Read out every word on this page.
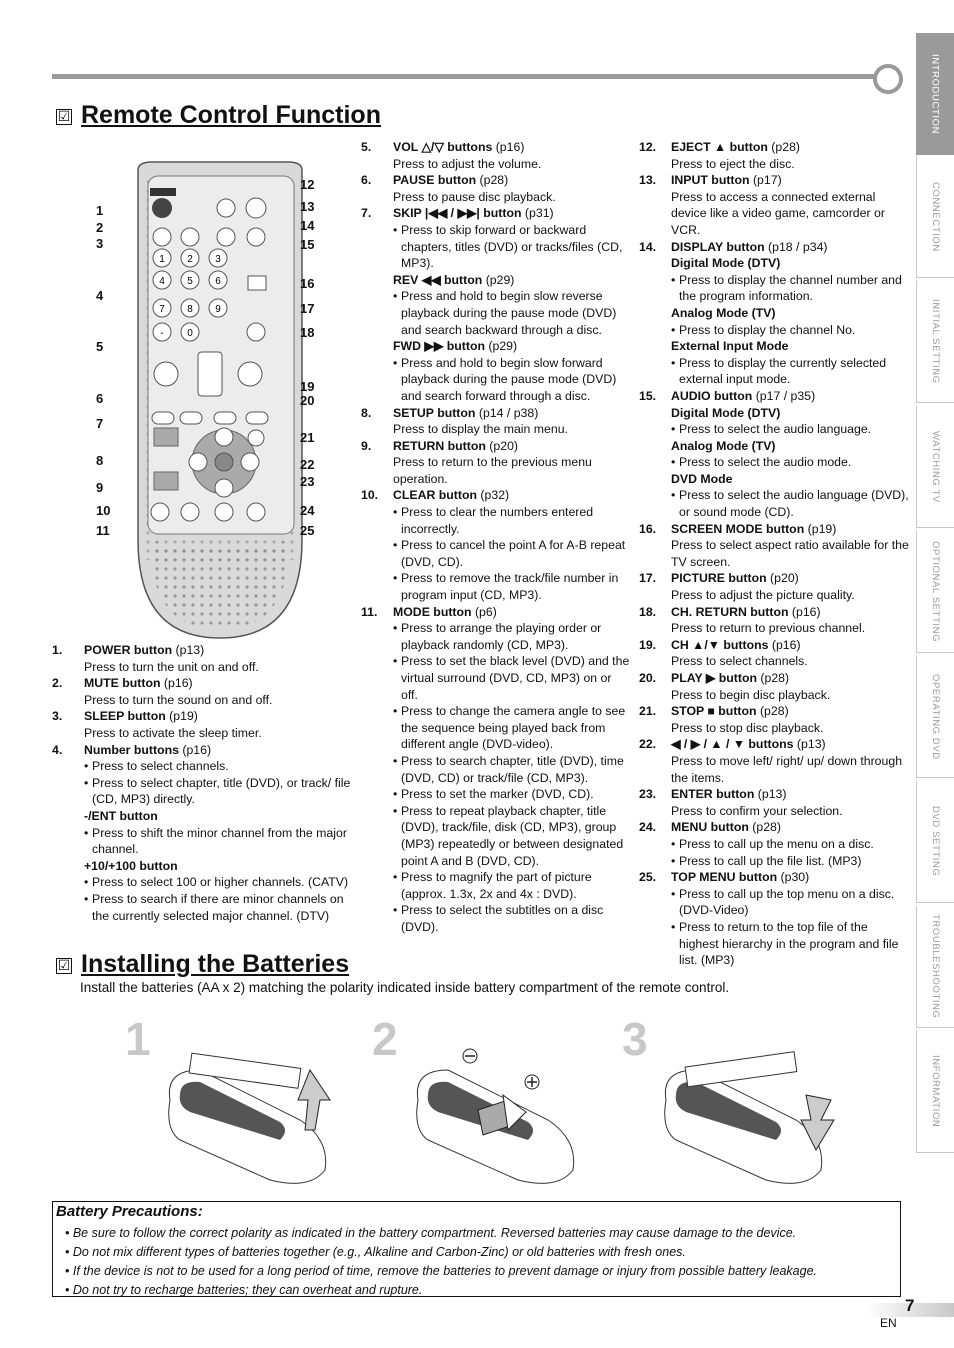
INTRODUCTION
CONNECTION
INITIAL SETTING
WATCHING TV
OPTIONAL SETTING
OPERATING DVD
DVD SETTING
TROUBLESHOOTING
INFORMATION
☑ Remote Control Function
1 2 3
4 5 6
7 8 9
- 0
1
2
3
4
5
6
7
8
9
10
11
12
13
14
15
16
17
18
19
20
21
22
23
24
25
1.	POWER button (p13)
Press to turn the unit on and off.
2.	MUTE button (p16)
Press to turn the sound on and off.
3.	SLEEP button (p19)
Press to activate the sleep timer.
4.	Number buttons (p16)
• Press to select channels.
• Press to select chapter, title (DVD), or track/ file (CD, MP3) directly.
-/ENT button
• Press to shift the minor channel from the major channel.
+10/+100 button
• Press to select 100 or higher channels. (CATV)
• Press to search if there are minor channels on the currently selected major channel. (DTV)
5.	VOL △/▽ buttons (p16)
Press to adjust the volume.
6.	PAUSE button (p28)
Press to pause disc playback.
7.	SKIP |◀◀ / ▶▶| button (p31)
• Press to skip forward or backward chapters, titles (DVD) or tracks/files (CD, MP3).
REV ◀◀ button (p29)
• Press and hold to begin slow reverse playback during the pause mode (DVD) and search backward through a disc.
FWD ▶▶ button (p29)
• Press and hold to begin slow forward playback during the pause mode (DVD) and search forward through a disc.
8.	SETUP button (p14 / p38)
Press to display the main menu.
9.	RETURN button (p20)
Press to return to the previous menu operation.
10.	CLEAR button (p32)
• Press to clear the numbers entered incorrectly.
• Press to cancel the point A for A-B repeat (DVD, CD).
• Press to remove the track/file number in program input (CD, MP3).
11.	MODE button (p6)
• Press to arrange the playing order or playback randomly (CD, MP3).
• Press to set the black level (DVD) and the virtual surround (DVD, CD, MP3) on or off.
• Press to change the camera angle to see the sequence being played back from different angle (DVD-video).
• Press to search chapter, title (DVD), time (DVD, CD) or track/file (CD, MP3).
• Press to set the marker (DVD, CD).
• Press to repeat playback chapter, title (DVD), track/file, disk (CD, MP3), group (MP3) repeatedly or between designated point A and B (DVD, CD).
• Press to magnify the part of picture (approx. 1.3x, 2x and 4x : DVD).
• Press to select the subtitles on a disc (DVD).
12.	EJECT ▲ button (p28)
Press to eject the disc.
13.	INPUT button (p17)
Press to access a connected external device like a video game, camcorder or VCR.
14.	DISPLAY button (p18 / p34)
Digital Mode (DTV)
• Press to display the channel number and the program information.
Analog Mode (TV)
• Press to display the channel No.
External Input Mode
• Press to display the currently selected external input mode.
15.	AUDIO button (p17 / p35)
Digital Mode (DTV)
• Press to select the audio language.
Analog Mode (TV)
• Press to select the audio mode.
DVD Mode
• Press to select the audio language (DVD), or sound mode (CD).
16.	SCREEN MODE button (p19)
Press to select aspect ratio available for the TV screen.
17.	PICTURE button (p20)
Press to adjust the picture quality.
18.	CH. RETURN button (p16)
Press to return to previous channel.
19.	CH ▲/▼ buttons (p16)
Press to select channels.
20.	PLAY ▶ button (p28)
Press to begin disc playback.
21.	STOP ■ button (p28)
Press to stop disc playback.
22.	◀ / ▶ / ▲ / ▼ buttons (p13)
Press to move left/ right/ up/ down through the items.
23.	ENTER button (p13)
Press to confirm your selection.
24.	MENU button (p28)
• Press to call up the menu on a disc.
• Press to call up the file list. (MP3)
25.	TOP MENU button (p30)
• Press to call up the top menu on a disc. (DVD-Video)
• Press to return to the top file of the highest hierarchy in the program and file list. (MP3)
☑ Installing the Batteries
Install the batteries (AA x 2) matching the polarity indicated inside battery compartment of the remote control.
1	2	3
Battery Precautions:
• Be sure to follow the correct polarity as indicated in the battery compartment. Reversed batteries may cause damage to the device.
• Do not mix different types of batteries together (e.g., Alkaline and Carbon-Zinc) or old batteries with fresh ones.
• If the device is not to be used for a long period of time, remove the batteries to prevent damage or injury from possible battery leakage.
• Do not try to recharge batteries; they can overheat and rupture.
7
EN
